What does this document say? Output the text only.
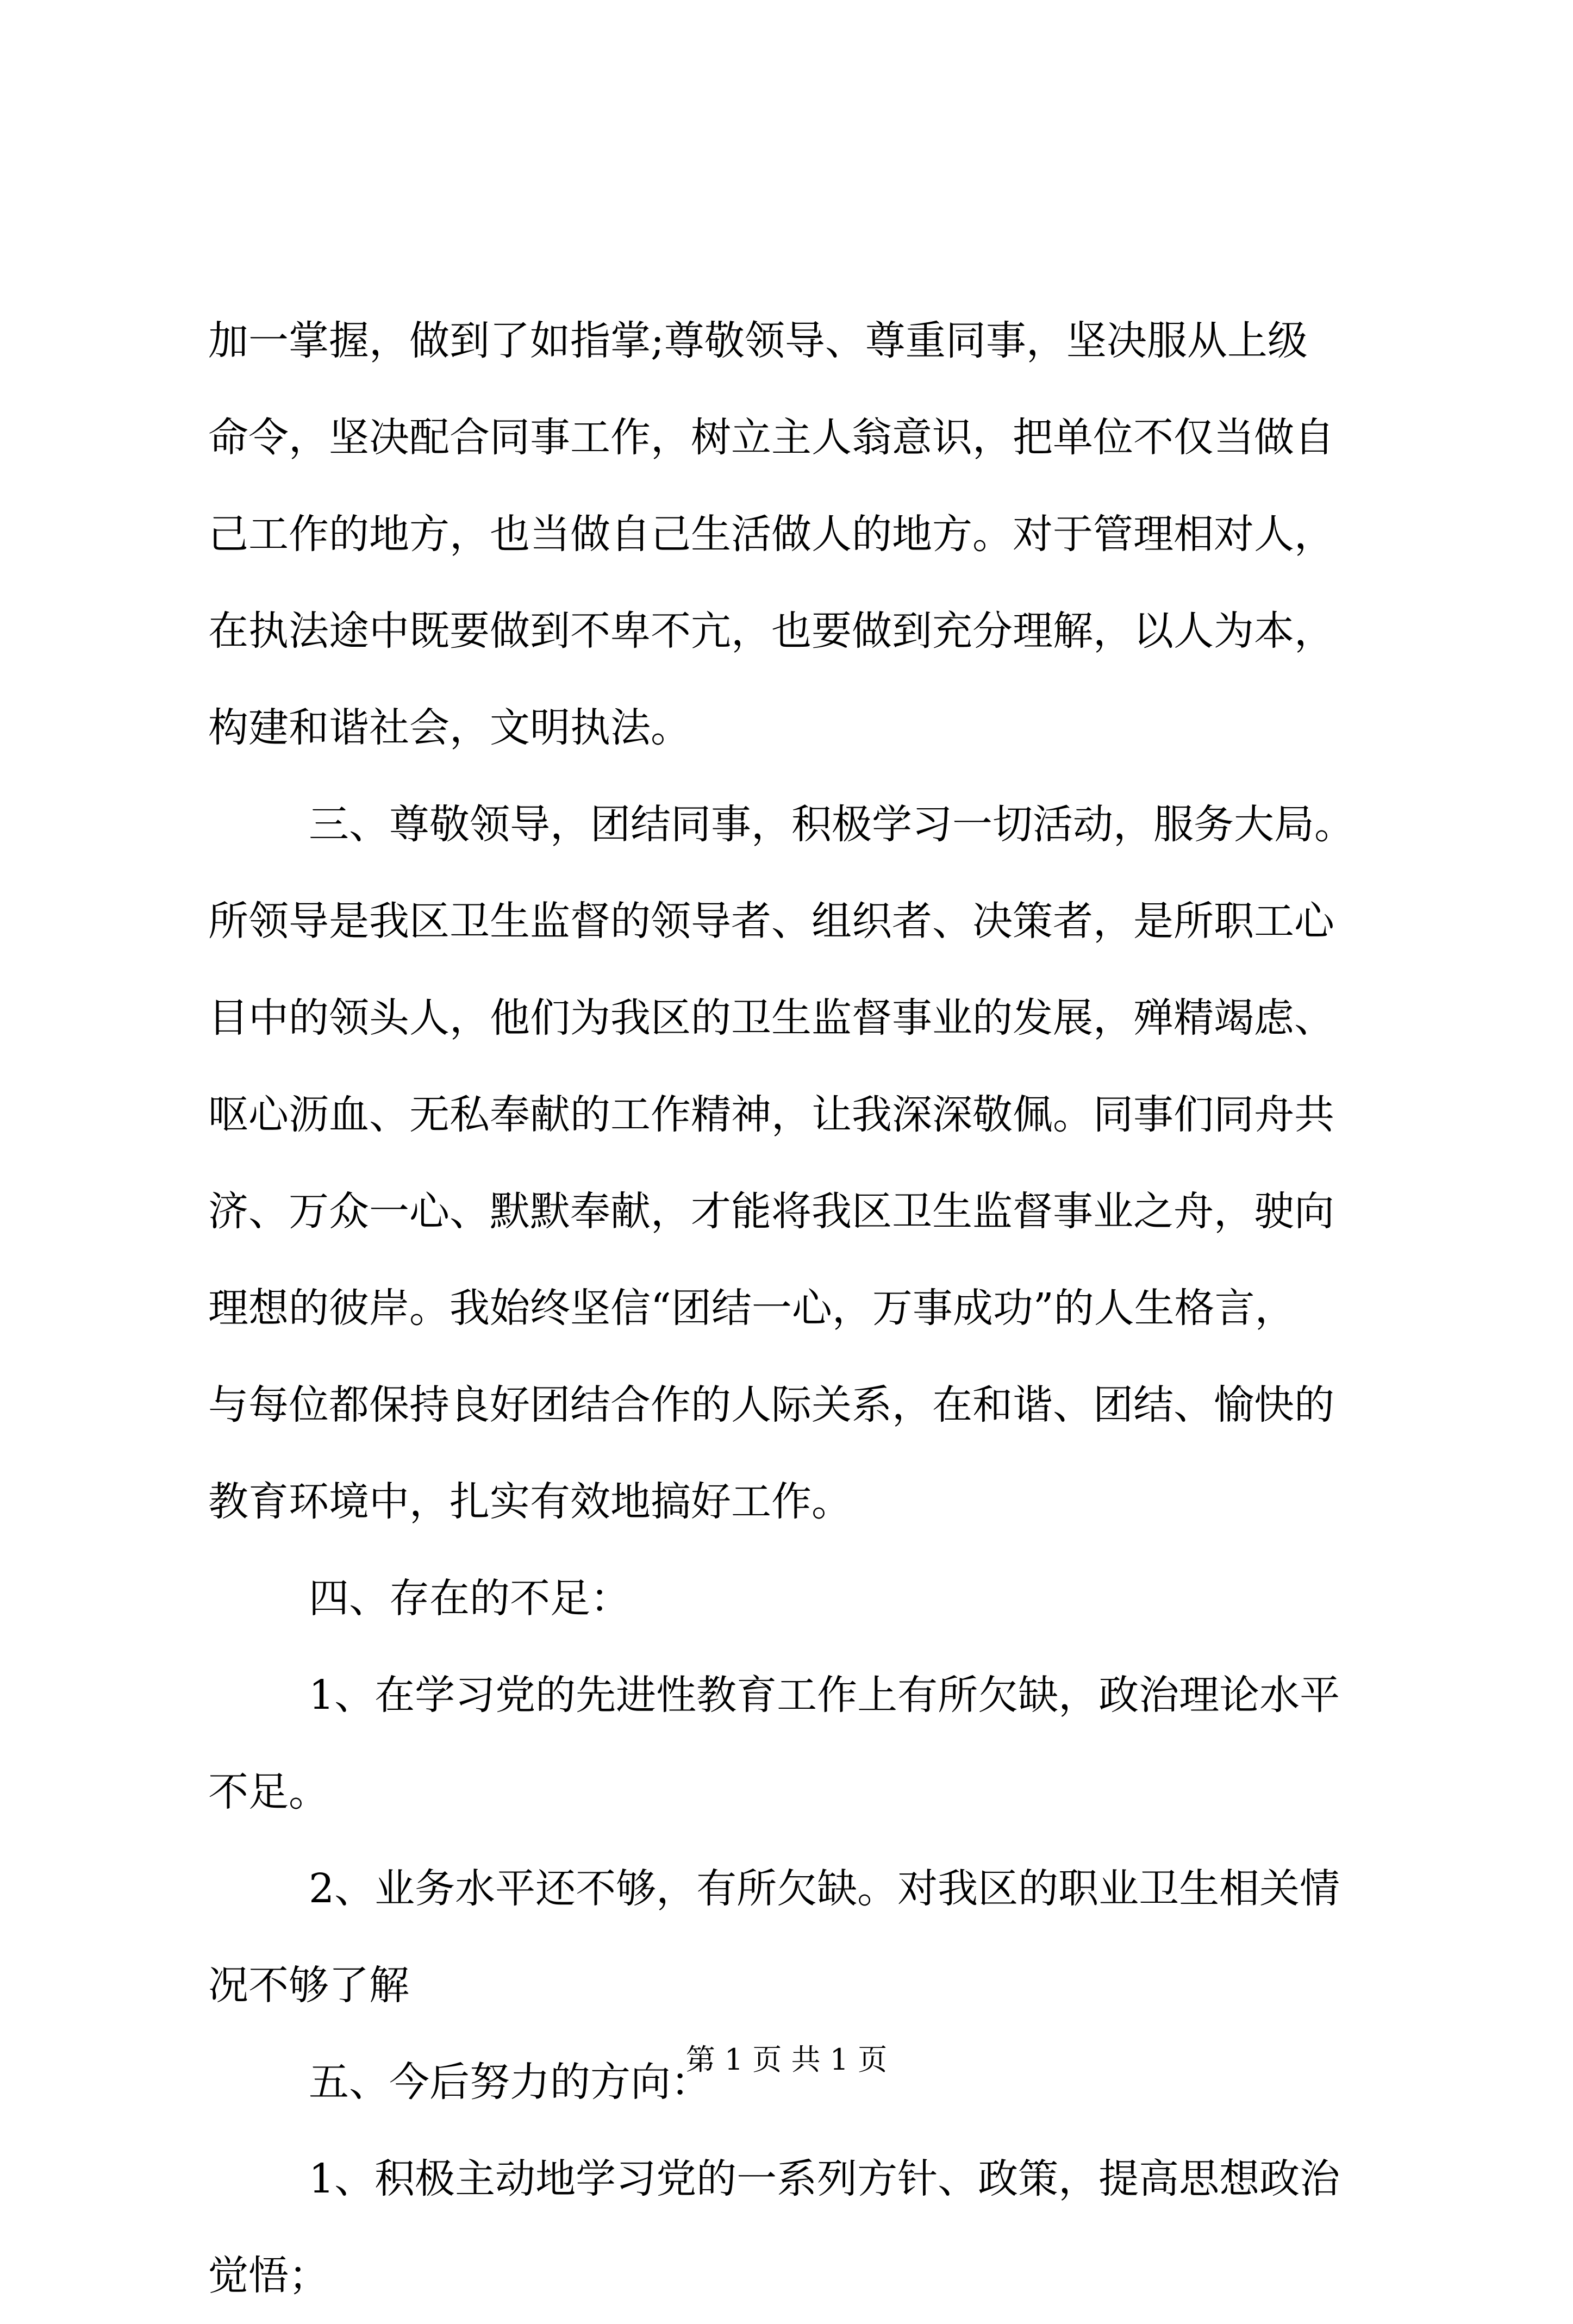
加一掌握，做到了如指掌;尊敬领导、尊重同事，坚决服从上级
命令，坚决配合同事工作，树立主人翁意识，把单位不仅当做自
己工作的地方，也当做自己生活做人的地方。对于管理相对人，
在执法途中既要做到不卑不亢，也要做到充分理解，以人为本，
构建和谐社会，文明执法。
三、尊敬领导，团结同事，积极学习一切活动，服务大局。
所领导是我区卫生监督的领导者、组织者、决策者，是所职工心
目中的领头人，他们为我区的卫生监督事业的发展，殚精竭虑、
呕心沥血、无私奉献的工作精神，让我深深敬佩。同事们同舟共
济、万众一心、默默奉献，才能将我区卫生监督事业之舟，驶向
理想的彼岸。我始终坚信“团结一心，万事成功”的人生格言，
与每位都保持良好团结合作的人际关系，在和谐、团结、愉快的
教育环境中，扎实有效地搞好工作。
四、存在的不足：
1、在学习党的先进性教育工作上有所欠缺，政治理论水平
不足。
2、业务水平还不够，有所欠缺。对我区的职业卫生相关情
况不够了解
五、今后努力的方向：
1、积极主动地学习党的一系列方针、政策，提高思想政治
觉悟；
第 1 页 共 1 页
